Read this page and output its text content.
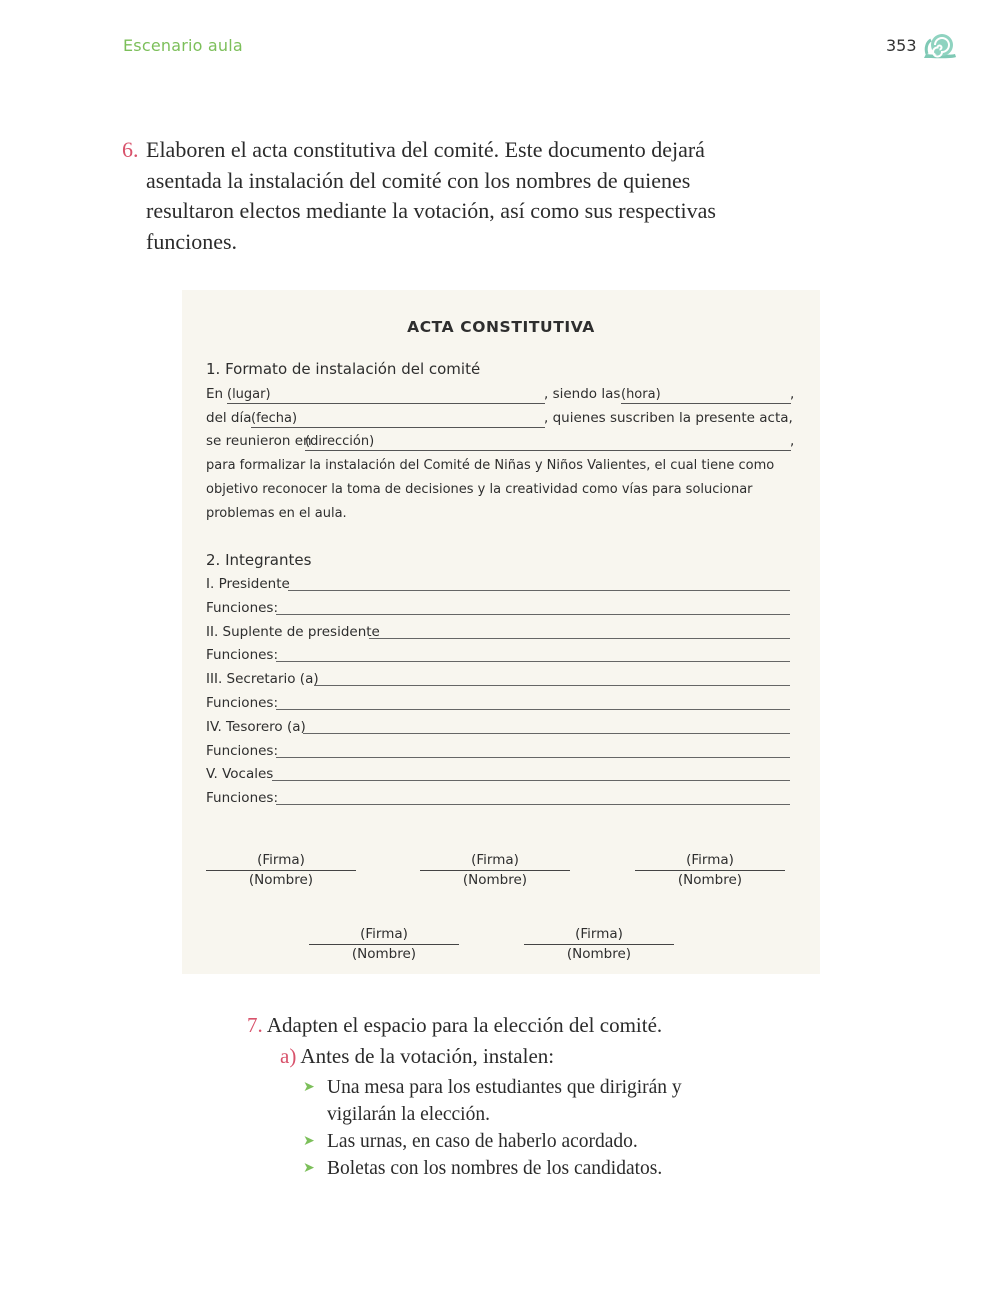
Escenario aula	353
6. Elaboren el acta constitutiva del comité. Este documento dejará asentada la instalación del comité con los nombres de quienes resultaron electos mediante la votación, así como sus respectivas funciones.
ACTA CONSTITUTIVA
1. Formato de instalación del comité
En (lugar)	, siendo las (hora)	,
del día (fecha)	, quienes suscriben la presente acta,
se reunieron en
(dirección)	,
para formalizar la instalación del Comité de Niñas y Niños Valientes, el cual tiene como objetivo reconocer la toma de decisiones y la creatividad como vías para solucionar problemas en el aula.
2. Integrantes
I. Presidente
Funciones:
II. Suplente de presidente
Funciones:
III. Secretario (a)
Funciones:
IV. Tesorero (a)
Funciones:
V. Vocales
Funciones:
(Firma)
(Nombre)
(Firma)
(Nombre)
(Firma)
(Nombre)
(Firma)
(Nombre)
(Firma)
(Nombre)
7. Adapten el espacio para la elección del comité.
a) Antes de la votación, instalen:
➤ Una mesa para los estudiantes que dirigirán y vigilarán la elección.
➤ Las urnas, en caso de haberlo acordado.
➤ Boletas con los nombres de los candidatos.
